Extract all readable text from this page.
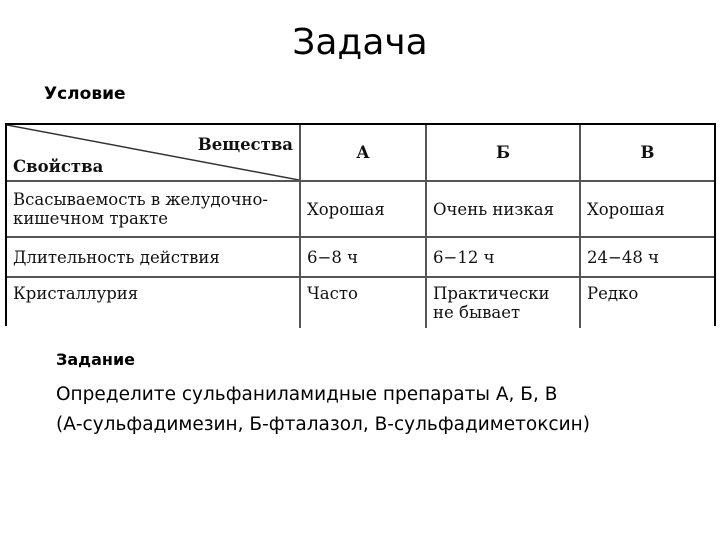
Задача
Условие
Вещества
Свойства	А	Б	В
Всасываемость в желудочно-кишечном тракте	Хорошая	Очень низкая	Хорошая
Длительность действия	6−8 ч	6−12 ч	24−48 ч
Кристаллурия	Часто	Практически не бывает	Редко
Задание
Определите сульфаниламидные препараты А, Б, В
(А-сульфадимезин, Б-фталазол, В-сульфадиметоксин)
